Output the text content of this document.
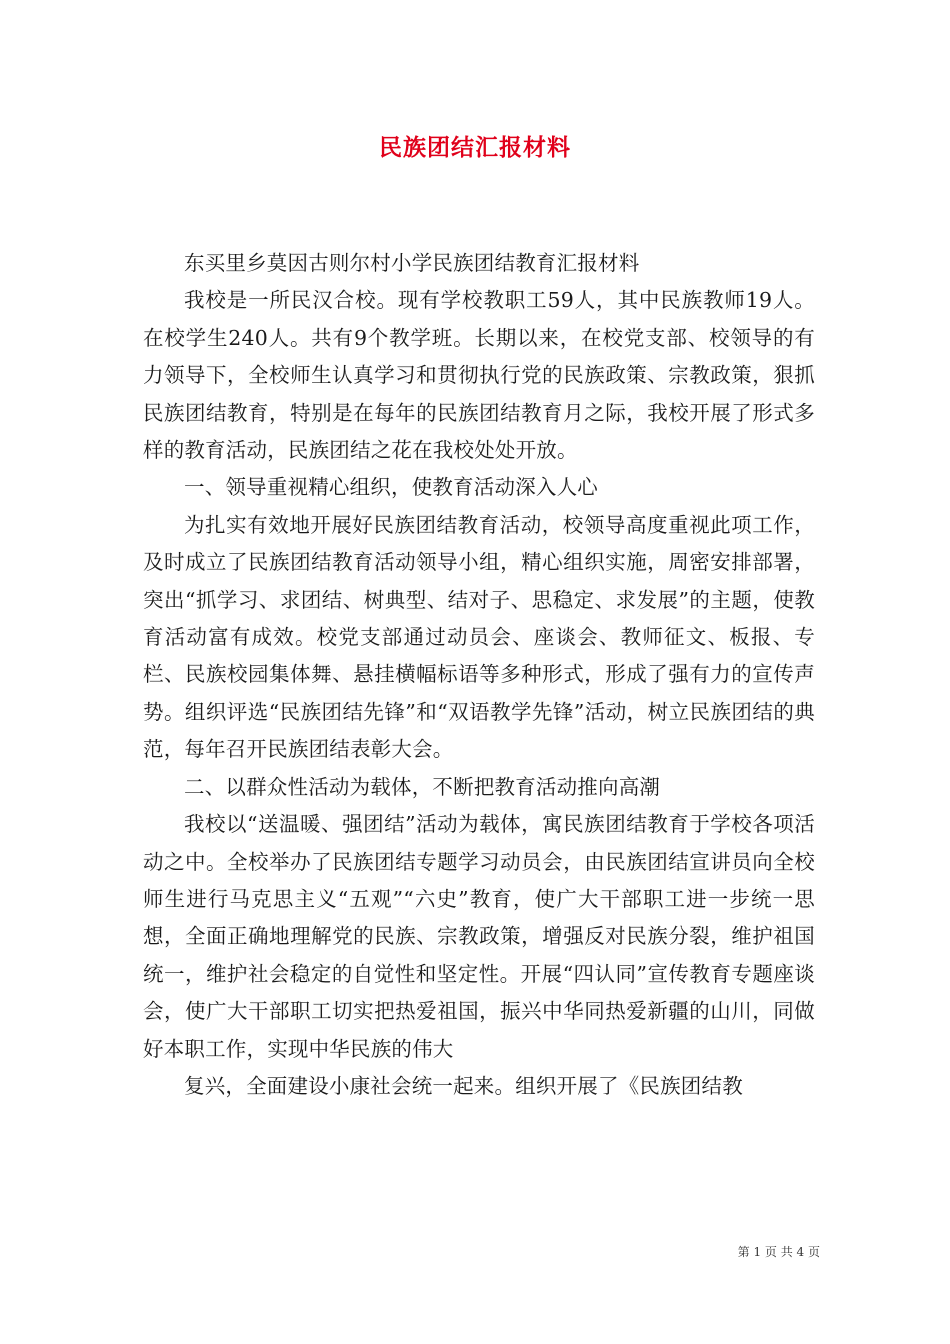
民族团结汇报材料

东买里乡莫因古则尔村小学民族团结教育汇报材料

我校是一所民汉合校。现有学校教职工59人，其中民族教师19人。在校学生240人。共有9个教学班。长期以来，在校党支部、校领导的有力领导下，全校师生认真学习和贯彻执行党的民族政策、宗教政策，狠抓民族团结教育，特别是在每年的民族团结教育月之际，我校开展了形式多样的教育活动，民族团结之花在我校处处开放。

一、领导重视精心组织，使教育活动深入人心

为扎实有效地开展好民族团结教育活动，校领导高度重视此项工作，及时成立了民族团结教育活动领导小组，精心组织实施，周密安排部署，突出“抓学习、求团结、树典型、结对子、思稳定、求发展”的主题，使教育活动富有成效。校党支部通过动员会、座谈会、教师征文、板报、专栏、民族校园集体舞、悬挂横幅标语等多种形式，形成了强有力的宣传声势。组织评选“民族团结先锋”和“双语教学先锋”活动，树立民族团结的典范，每年召开民族团结表彰大会。

二、以群众性活动为载体，不断把教育活动推向高潮

我校以“送温暖、强团结”活动为载体，寓民族团结教育于学校各项活动之中。全校举办了民族团结专题学习动员会，由民族团结宣讲员向全校师生进行马克思主义“五观”“六史”教育，使广大干部职工进一步统一思想，全面正确地理解党的民族、宗教政策，增强反对民族分裂，维护祖国统一，维护社会稳定的自觉性和坚定性。开展“四认同”宣传教育专题座谈会，使广大干部职工切实把热爱祖国，振兴中华同热爱新疆的山川，同做好本职工作，实现中华民族的伟大

复兴，全面建设小康社会统一起来。组织开展了《民族团结教

第 1 页 共 4 页
